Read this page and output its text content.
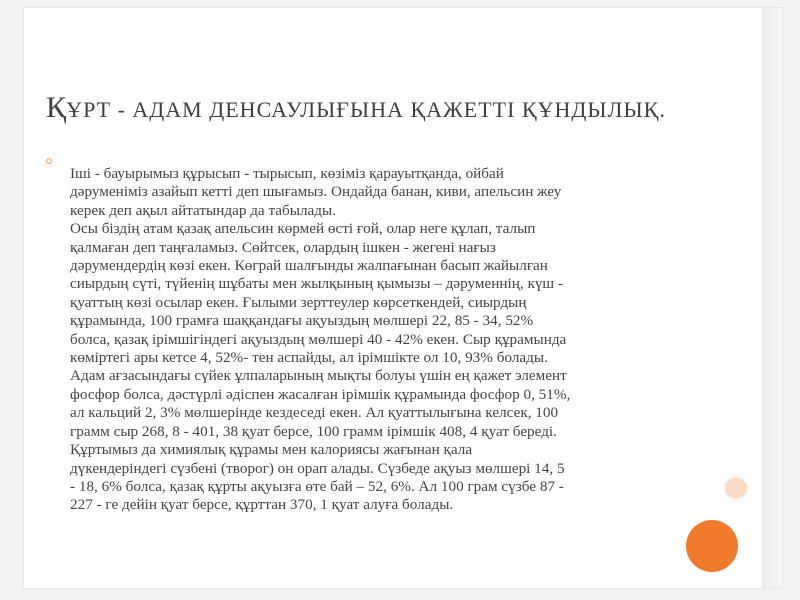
ҚҰРТ - АДАМ ДЕНСАУЛЫҒЫНА ҚАЖЕТТІ ҚҰНДЫЛЫҚ.

Іші - бауырымыз құрысып - тырысып, көзіміз қарауытқанда, ойбай
дәруменіміз азайып кетті деп шығамыз. Ондайда банан, киви, апельсин жеу
керек деп ақыл айтатындар да табылады.
Осы біздің атам қазақ апельсин көрмей өсті ғой, олар неге құлап, талып
қалмаған деп таңғаламыз. Сөйтсек, олардың ішкен - жегені нағыз
дәрумендердің көзі екен. Көграй шалғынды жалпағынан басып жайылған
сиырдың сүті, түйенің шұбаты мен жылқының қымызы – дәруменнің, күш -
қуаттың көзі осылар екен. Ғылыми зерттеулер көрсеткендей, сиырдың
құрамында, 100 грамға шаққандағы ақуыздың мөлшері 22, 85 - 34, 52%
болса, қазақ ірімшігіндегі ақуыздың мөлшері 40 - 42% екен. Сыр құрамында
көміртегі ары кетсе 4, 52%- тен аспайды, ал ірімшікте ол 10, 93% болады.
Адам ағзасындағы сүйек ұлпаларының мықты болуы үшін ең қажет элемент
фосфор болса, дәстүрлі әдіспен жасалған ірімшік құрамында фосфор 0, 51%,
ал кальций 2, 3% мөлшерінде кездеседі екен. Ал қуаттылығына келсек, 100
грамм сыр 268, 8 - 401, 38 қуат берсе, 100 грамм ірімшік 408, 4 қуат береді.
Құртымыз да химиялық құрамы мен калориясы жағынан қала
дүкендеріндегі сүзбені (творог) он орап алады. Сүзбеде ақуыз мөлшері 14, 5
- 18, 6% болса, қазақ құрты ақуызға өте бай – 52, 6%. Ал 100 грам сүзбе 87 -
227 - ге дейін қуат берсе, құрттан 370, 1 қуат алуға болады.
